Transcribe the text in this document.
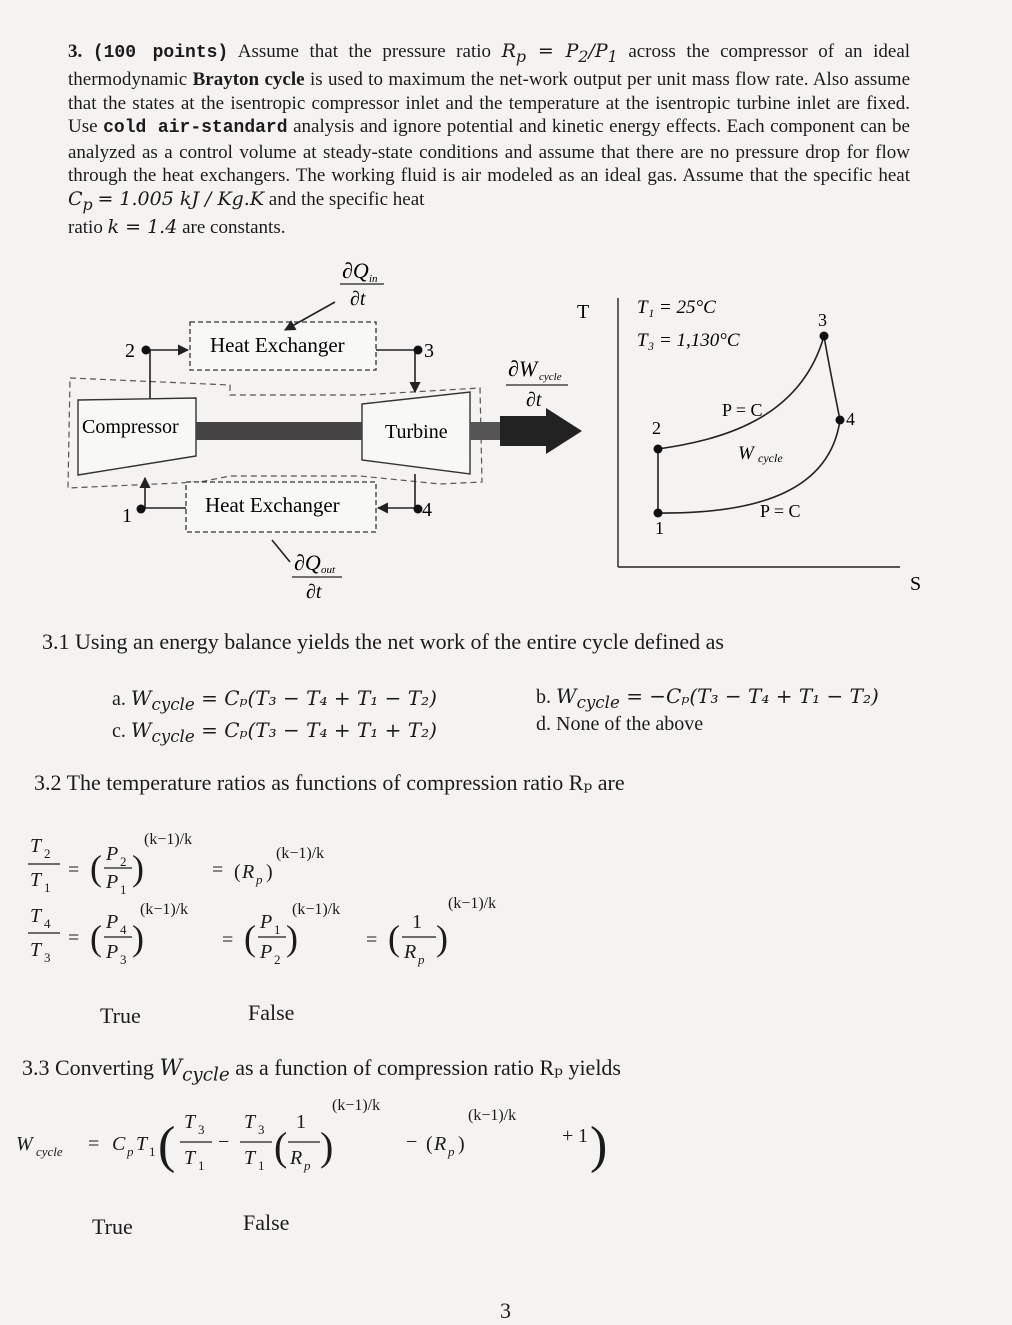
3. (100 points) Assume that the pressure ratio $R_p = P_2/P_1$ across the compressor of an ideal thermodynamic Brayton cycle is used to maximum the net-work output per unit mass flow rate. Also assume that the states at the isentropic compressor inlet and the temperature at the isentropic turbine inlet are fixed. Use cold air-standard analysis and ignore potential and kinetic energy effects. Each component can be analyzed as a control volume at steady-state conditions and assume that there are no pressure drop for flow through the heat exchangers. The working fluid is air modeled as an ideal gas. Assume that the specific heat $C_p = 1.005$ kJ / Kg.K and the specific heat
ratio k = 1.4 are constants.
Heat Exchanger
Heat Exchanger
Compressor	Turbine
2	3
4
1
∂Q in
∂t
∂Q out
∂t
∂W cycle
∂t
T
S
T₁ = 25°C
T₃ = 1,130°C
2
1
3
4
P = C
P = C
W cycle
3.1 Using an energy balance yields the net work of the entire cycle defined as
a. $W_{cycle} = C_p(T_3 - T_4 + T_1 - T_2)$	b. $W_{cycle} = -C_p(T_3 - T_4 + T_1 - T_2)$
c. $W_{cycle} = C_p(T_3 - T_4 + T_1 + T_2)$	d. None of the above
3.2 The temperature ratios as functions of compression ratio Rₚ are
T 2
T 1
= ( P 2
P 1
)
(k−1)/k
= ( R p )
(k−1)/k
T 4
T 3
= ( P 4
P 3
)
(k−1)/k
= ( P 1
P 2
)
(k−1)/k
= ( 1
R p
)
(k−1)/k
True	False
3.3 Converting $W_{cycle}$ as a function of compression ratio Rₚ yields
W cycle = C p T 1 ( T 3
T 1
−
T 3
T 1 (
1
R p )
(k−1)/k
− ( R p )
(k−1)/k
+ 1 )
True	False
3
